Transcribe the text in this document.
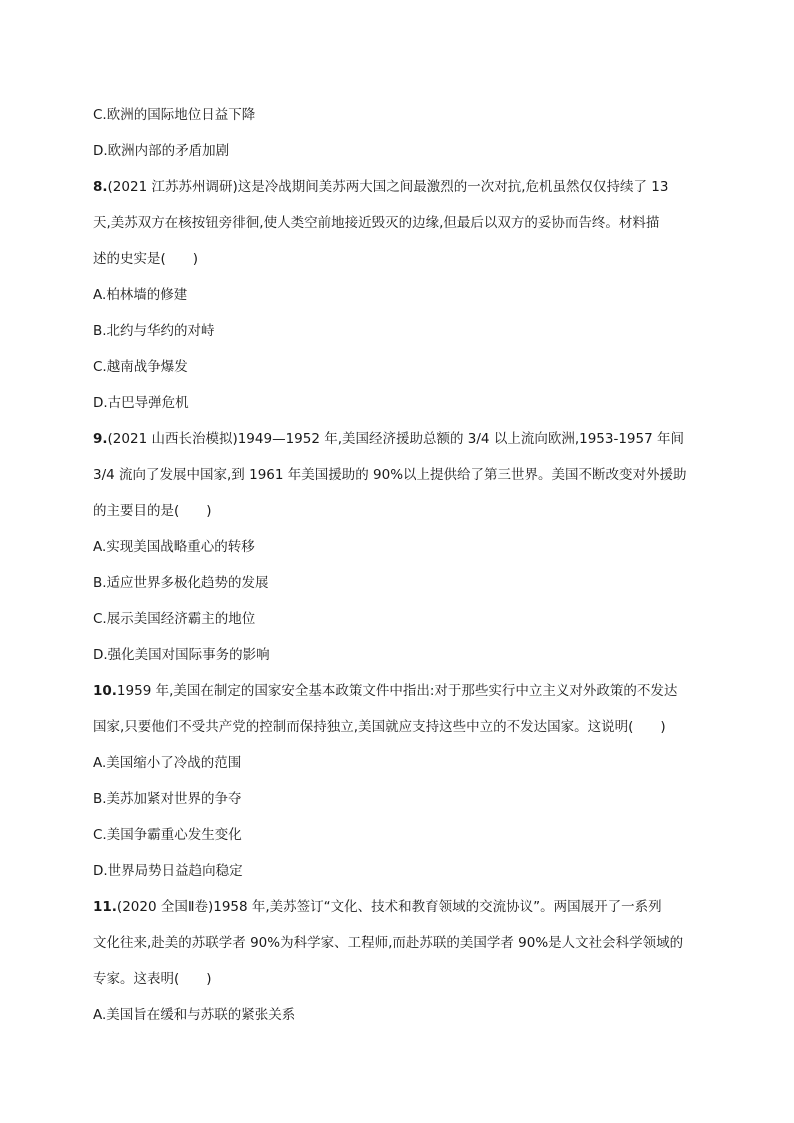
C.欧洲的国际地位日益下降
D.欧洲内部的矛盾加剧
8.(2021 江苏苏州调研)这是冷战期间美苏两大国之间最激烈的一次对抗,危机虽然仅仅持续了 13
天,美苏双方在核按钮旁徘徊,使人类空前地接近毁灭的边缘,但最后以双方的妥协而告终。材料描
述的史实是(　　)
A.柏林墙的修建
B.北约与华约的对峙
C.越南战争爆发
D.古巴导弹危机
9.(2021 山西长治模拟)1949—1952 年,美国经济援助总额的 3/4 以上流向欧洲,1953-1957 年间
3/4 流向了发展中国家,到 1961 年美国援助的 90%以上提供给了第三世界。美国不断改变对外援助
的主要目的是(　　)
A.实现美国战略重心的转移
B.适应世界多极化趋势的发展
C.展示美国经济霸主的地位
D.强化美国对国际事务的影响
10.1959 年,美国在制定的国家安全基本政策文件中指出:对于那些实行中立主义对外政策的不发达
国家,只要他们不受共产党的控制而保持独立,美国就应支持这些中立的不发达国家。这说明(　　)
A.美国缩小了冷战的范围
B.美苏加紧对世界的争夺
C.美国争霸重心发生变化
D.世界局势日益趋向稳定
11.(2020 全国Ⅱ卷)1958 年,美苏签订“文化、技术和教育领域的交流协议”。两国展开了一系列
文化往来,赴美的苏联学者 90%为科学家、工程师,而赴苏联的美国学者 90%是人文社会科学领域的
专家。这表明(　　)
A.美国旨在缓和与苏联的紧张关系
